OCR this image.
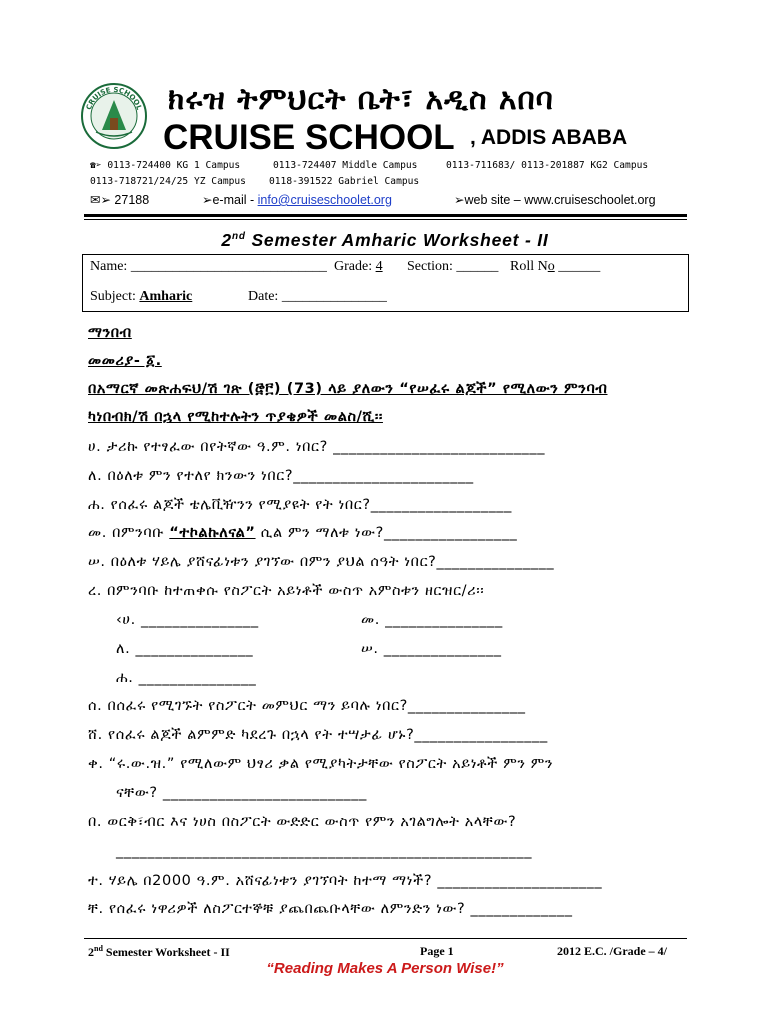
CRUISE SCHOOL ክሩዝ ትምህርት ቤት፣ አዲስ አበባ
CRUISE SCHOOL , ADDIS ABABA
☎➢ 0113-724400 KG 1 Campus	0113-724407 Middle Campus	0113-711683/ 0113-201887 KG2 Campus
0113-718721/24/25 YZ Campus 0118-391522 Gabriel Campus
✉➢ 27188	➢e-mail - info@cruiseschoolet.org	➢web site – www.cruiseschoolet.org
2nd Semester Amharic Worksheet - II
Name: ____________________________ Grade: 4 Section: ______ Roll No ______
Subject: Amharic	Date: _______________
ማንበብ
መመሪያ- ፩.
በአማርኛ መጽሐፍህ/ሽ ገጽ (፸፫) (73) ላይ ያለውን “የሠፈሩ ልጆች” የሚለውን ምንባብ
ካነበብክ/ሽ በኋላ የሚከተሉትን ጥያቄዎች መልስ/ሺ፡፡
ሀ. ታሪኩ የተፃፈው በየትኛው ዓ.ም. ነበር? ___________________________
ለ. በዕለቱ ምን የተለየ ክንውን ነበር?_______________________
ሐ. የሰፈሩ ልጆች ቴሌቪዥንን የሚያዩት የት ነበር?__________________
መ. በምንባቡ “ተኮልኩለናል” ሲል ምን ማለቱ ነው?_________________
ሠ. በዕለቱ ሃይሌ ያሸናፊነቱን ያገኘው በምን ያህል ሰዓት ነበር?_______________
ረ. በምንባቡ ከተጠቀሱ የስፖርት አይነቶች ውስጥ አምስቱን ዘርዝር/ሪ፡፡
‹ሀ. _______________	መ. _______________
ለ. _______________	ሠ. _______________
ሐ. _______________
ሰ. በሰፈሩ የሚገኙት የስፖርት መምህር ማን ይባሉ ነበር?_______________
ሸ. የሰፈሩ ልጆች ልምምድ ካደረጉ በኋላ የት ተሣታፊ ሆኑ?_________________
ቀ. “ሩ.ው.ዝ.” የሚለውም ህፃሪ ቃል የሚያካትታቸው የስፖርት አይነቶች ምን ምን
ናቸው? __________________________
በ. ወርቅ፣ብር እና ነሀስ በስፖርት ውድድር ውስጥ የምን አገልግሎት አላቸው?
_____________________________________________________
ተ. ሃይሌ በ2000 ዓ.ም. አሸናፊነቱን ያገኘባት ከተማ ማነች? _____________________
ቸ. የሰፈሩ ነዋሪዎች ለስፖርተኞቹ ያጨበጨቡላቸው ለምንድን ነው? _____________
2nd Semester Worksheet - II	Page 1	2012 E.C. /Grade – 4/
“Reading Makes A Person Wise!”
